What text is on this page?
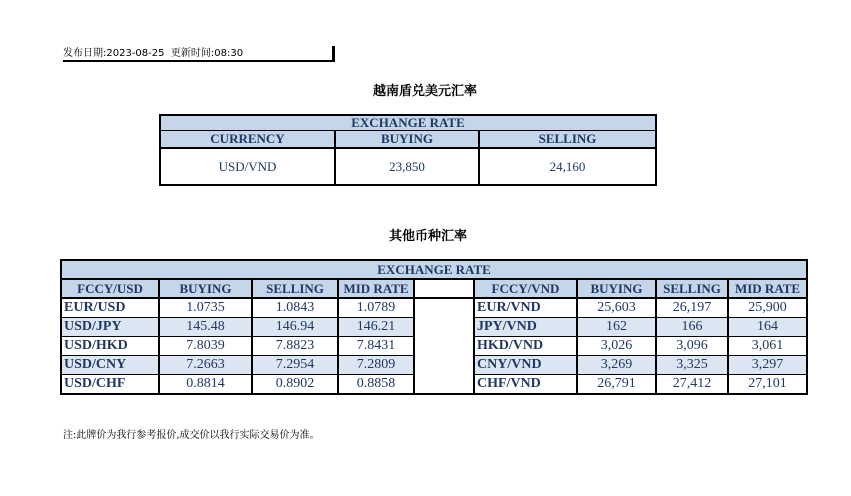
发布日期:2023-08-25 更新时间:08:30
越南盾兑美元汇率
EXCHANGE RATE		
CURRENCY	BUYING	SELLING
USD/VND	23,850	24,160
其他币种汇率
EXCHANGE RATE								
FCCY/USD	BUYING	SELLING	MID RATE		FCCY/VND	BUYING	SELLING	MID RATE
EUR/USD	1.0735	1.0843	1.0789		EUR/VND	25,603	26,197	25,900
USD/JPY	145.48	146.94	146.21		JPY/VND	162	166	164
USD/HKD	7.8039	7.8823	7.8431		HKD/VND	3,026	3,096	3,061
USD/CNY	7.2663	7.2954	7.2809		CNY/VND	3,269	3,325	3,297
USD/CHF	0.8814	0.8902	0.8858		CHF/VND	26,791	27,412	27,101
注:此牌价为我行参考报价,成交价以我行实际交易价为准。
